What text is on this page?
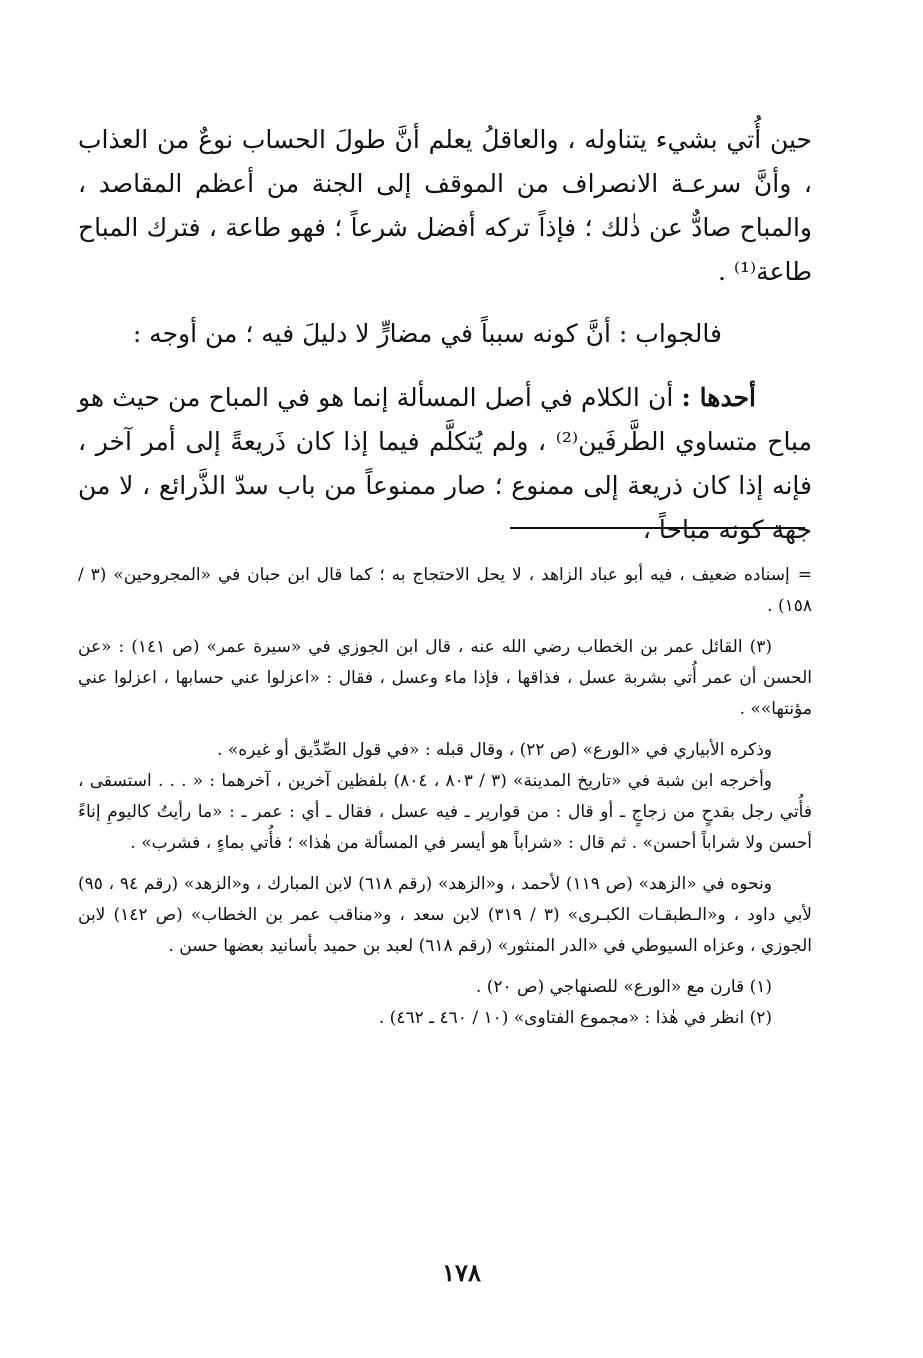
حين أُتي بشيء يتناوله ، والعاقلُ يعلم أنَّ طولَ الحساب نوعٌ من العذاب ، وأنَّ سرعـة الانصراف من الموقف إلى الجنة من أعظم المقاصد ، والمباح صادٌّ عن ذٰلك ؛ فإذاً تركه أفضل شرعاً ؛ فهو طاعة ، فترك المباح طاعة⁽¹⁾ .

فالجواب : أنَّ كونه سبباً في مضارٍّ لا دليلَ فيه ؛ من أوجه :

أحدها : أن الكلام في أصل المسألة إنما هو في المباح من حيث هو مباح متساوي الطَّرفَين⁽²⁾ ، ولم يُتكلَّم فيما إذا كان ذَريعةً إلى أمر آخر ، فإنه إذا كان ذريعة إلى ممنوع ؛ صار ممنوعاً من باب سدّ الذَّرائع ، لا من جهة كونه مباحاً ،

=إسناده ضعيف ، فيه أبو عباد الزاهد ، لا يحل الاحتجاج به ؛ كما قال ابن حبان في «المجروحين» (٣ / ١٥٨) .

(٣) القائل عمر بن الخطاب رضي الله عنه ، قال ابن الجوزي في «سيرة عمر» (ص ١٤١) : «عن الحسن أن عمر أُتي بشربة عسل ، فذاقها ، فإذا ماء وعسل ، فقال : «اعزلوا عني حسابها ، اعزلوا عني مؤنتها»» .

وذكره الأبياري في «الورع» (ص ٢٢) ، وقال قبله : «في قول الصِّدِّيق أو غيره» .

وأخرجه ابن شبة في «تاريخ المدينة» (٣ / ٨٠٣ ، ٨٠٤) بلفظين آخرين ، آخرهما : « . . . استسقى ، فأُتي رجل بقدحٍ من زجاجٍ ـ أو قال : من قوارير ـ فيه عسل ، فقال ـ أي : عمر ـ : «ما رأيتُ كاليومِ إناءً أحسن ولا شراباً أحسن» . ثم قال : «شراباً هو أيسر في المسألة من هٰذا» ؛ فأُتي بماءٍ ، فشرب» .

ونحوه في «الزهد» (ص ١١٩) لأحمد ، و«الزهد» (رقم ٦١٨) لابن المبارك ، و«الزهد» (رقم ٩٤ ، ٩٥) لأبي داود ، و«الـطبقـات الكبـرى» (٣ / ٣١٩) لابن سعد ، و«مناقب عمر بن الخطاب» (ص ١٤٢) لابن الجوزي ، وعزاه السيوطي في «الدر المنثور» (رقم ٦١٨) لعبد بن حميد بأسانيد بعضها حسن .

(١) قارن مع «الورع» للصنهاجي (ص ٢٠) .

(٢) انظر في هٰذا : «مجموع الفتاوى» (١٠ / ٤٦٠ ـ ٤٦٢) .

١٧٨
